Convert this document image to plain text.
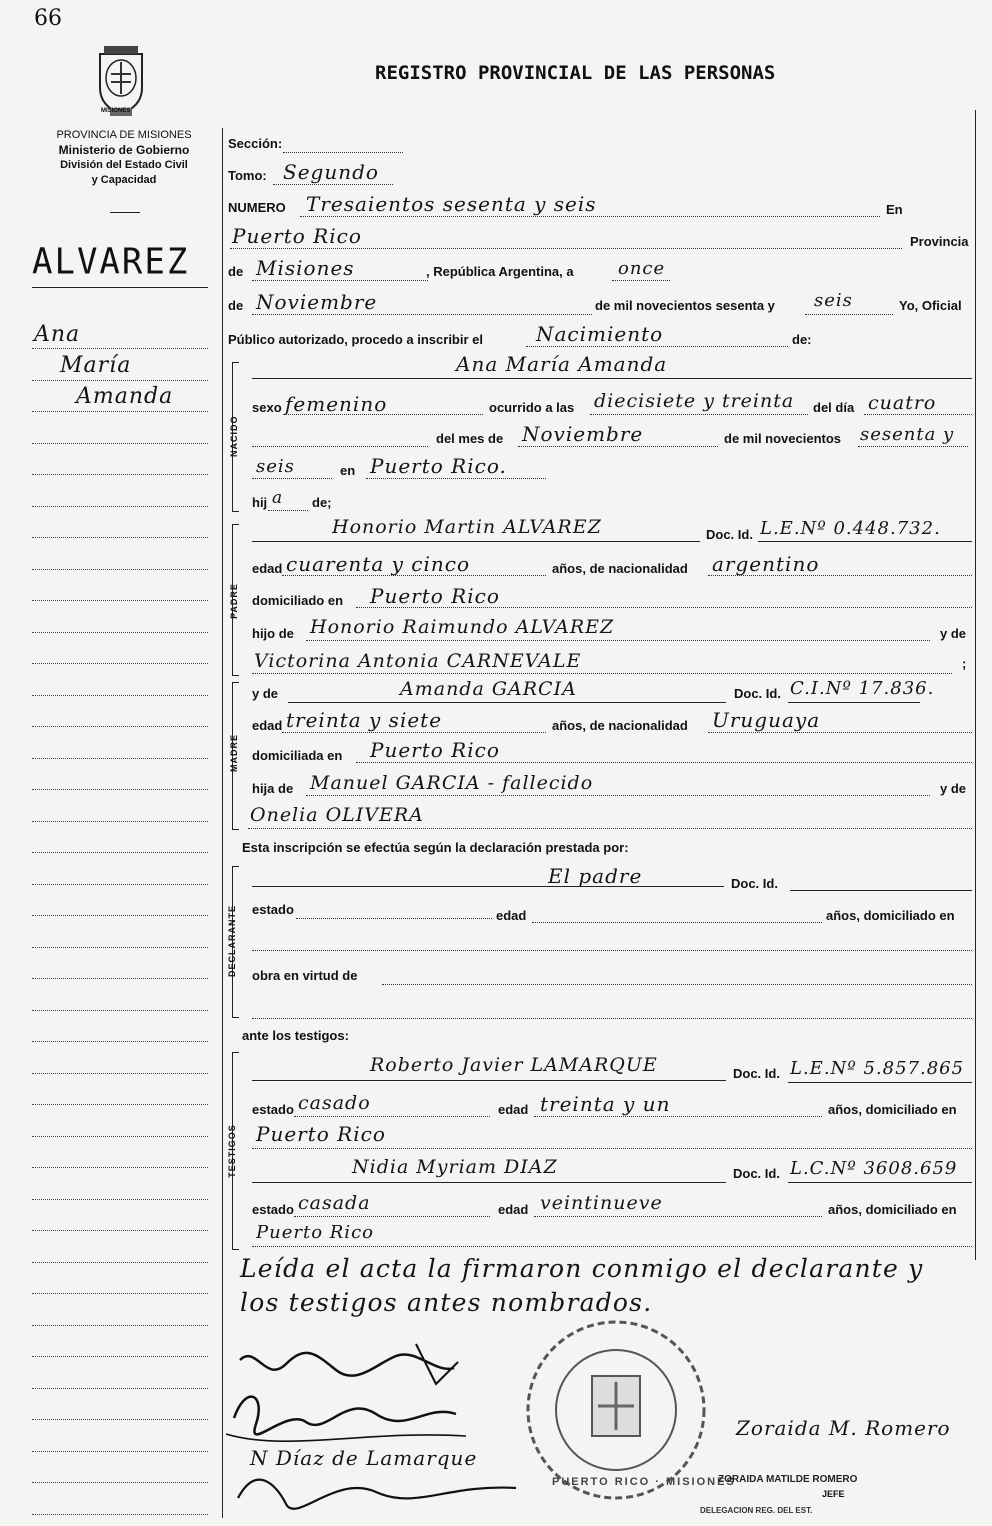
66
MISIONES
PROVINCIA DE MISIONES
Ministerio de Gobierno
División del Estado Civil
y Capacidad
REGISTRO PROVINCIAL DE LAS PERSONAS
ALVAREZ
Ana
María
Amanda
Sección:
Tomo: Segundo
NUMERO Tresaientos sesenta y seis	En
Puerto Rico	Provincia
de Misiones	, República Argentina, a once
de Noviembre	de mil novecientos sesenta y seis	Yo, Oficial
Público autorizado, procedo a inscribir el	Nacimiento	de:
NACIDO
Ana María Amanda
sexo femenino	ocurrido a las diecisiete y treinta del día cuatro
del mes de Noviembre	de mil novecientos sesenta y
seis	en Puerto Rico.
hij a de;
PADRE
Honorio Martin ALVAREZ	Doc. Id. L.E.Nº 0.448.732.
edad cuarenta y cinco	años, de nacionalidad argentino
domiciliado en Puerto Rico
hijo de Honorio Raimundo ALVAREZ	y de
Victorina Antonia CARNEVALE	;
MADRE
y de	Amanda GARCIA	Doc. Id. C.I.Nº 17.836.
edad treinta y siete	años, de nacionalidad Uruguaya
domiciliada en Puerto Rico
hija de Manuel GARCIA - fallecido	y de
Onelia OLIVERA
Esta inscripción se efectúa según la declaración prestada por:
DECLARANTE
El padre	Doc. Id.
estado	edad	años, domiciliado en
obra en virtud de
ante los testigos:
TESTIGOS
Roberto Javier LAMARQUE	Doc. Id. L.E.Nº 5.857.865
estado casado	edad treinta y un	años, domiciliado en
Puerto Rico
Nidia Myriam DIAZ	Doc. Id. L.C.Nº 3608.659
estado casada	edad veintinueve	años, domiciliado en
Puerto Rico
Leída el acta la firmaron conmigo el declarante y
los testigos antes nombrados.
PUERTO RICO · MISIONES
N Díaz de Lamarque
Zoraida M. Romero
ZORAIDA MATILDE ROMERO
JEFE
DELEGACION REG. DEL EST.
